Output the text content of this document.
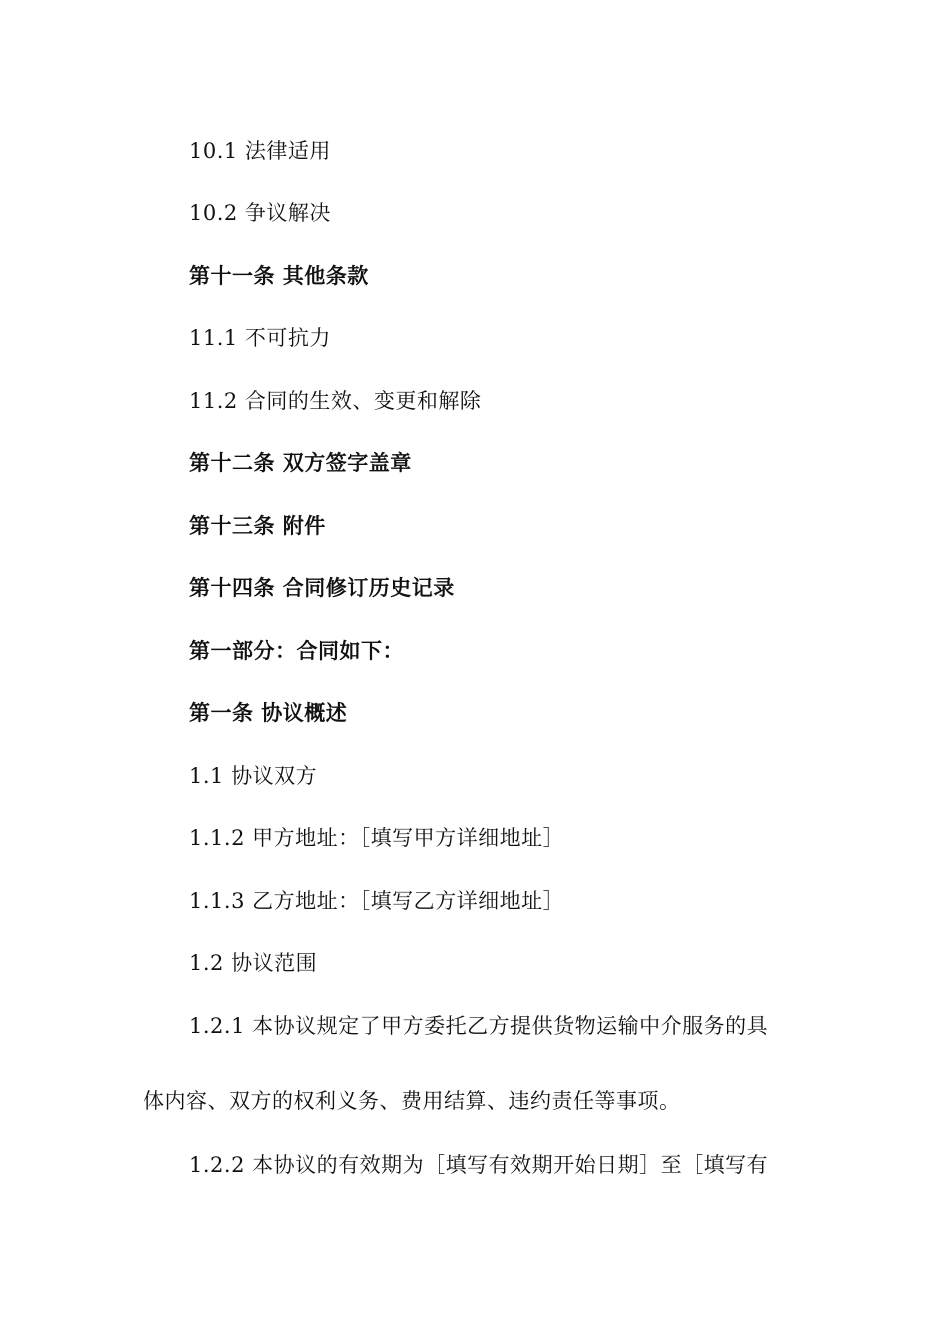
10.1 法律适用
10.2 争议解决
第十一条 其他条款
11.1 不可抗力
11.2 合同的生效、变更和解除
第十二条 双方签字盖章
第十三条 附件
第十四条 合同修订历史记录
第一部分：合同如下：
第一条 协议概述
1.1 协议双方
1.1.2 甲方地址：［填写甲方详细地址］
1.1.3 乙方地址：［填写乙方详细地址］
1.2 协议范围
1.2.1 本协议规定了甲方委托乙方提供货物运输中介服务的具
体内容、双方的权利义务、费用结算、违约责任等事项。
1.2.2 本协议的有效期为［填写有效期开始日期］至［填写有
